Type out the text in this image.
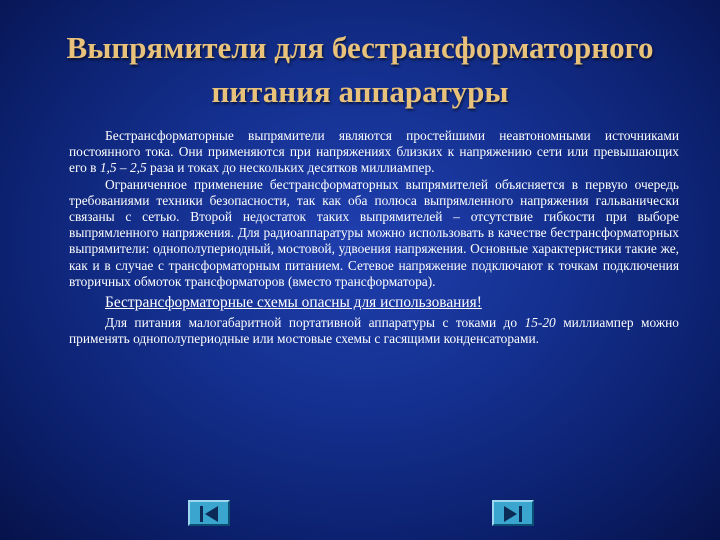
Выпрямители для бестрансформаторного
питания аппаратуры

Бестрансформаторные выпрямители являются простейшими неавтономными источниками постоянного тока. Они применяются при напряжениях близких к напряжению сети или превышающих его в 1,5 – 2,5 раза и токах до нескольких десятков миллиампер.

Ограниченное применение бестрансформаторных выпрямителей объясняется в первую очередь требованиями техники безопасности, так как оба полюса выпрямленного напряжения гальванически связаны с сетью. Второй недостаток таких выпрямителей – отсутствие гибкости при выборе выпрямленного напряжения. Для радиоаппаратуры можно использовать в качестве бестрансформаторных выпрямители: однополупериодный, мостовой, удвоения напряжения. Основные характеристики такие же, как и в случае с трансформаторным питанием. Сетевое напряжение подключают к точкам подключения вторичных обмоток трансформаторов (вместо трансформатора).

Бестрансформаторные схемы опасны для использования!

Для питания малогабаритной портативной аппаратуры с токами до 15-20 миллиампер можно применять однополупериодные или мостовые схемы с гасящими конденсаторами.
